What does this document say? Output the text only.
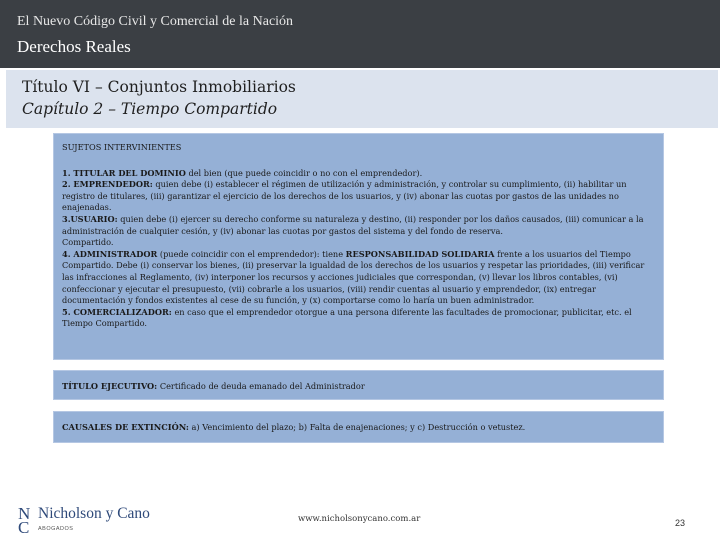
El Nuevo Código Civil y Comercial de la Nación
Derechos Reales
Título VI – Conjuntos Inmobiliarios
Capítulo 2 – Tiempo Compartido
SUJETOS INTERVINIENTES
1. TITULAR DEL DOMINIO del bien (que puede coincidir o no con el emprendedor).
2. EMPRENDEDOR: quien debe (i) establecer el régimen de utilización y administración, y controlar su cumplimiento, (ii) habilitar un registro de titulares, (iii) garantizar el ejercicio de los derechos de los usuarios, y (iv) abonar las cuotas por gastos de las unidades no enajenadas.
3.USUARIO: quien debe (i) ejercer su derecho conforme su naturaleza y destino, (ii) responder por los daños causados, (iii) comunicar a la administración de cualquier cesión, y (iv) abonar las cuotas por gastos del sistema y del fondo de reserva.
Compartido.
4. ADMINISTRADOR (puede coincidir con el emprendedor): tiene RESPONSABILIDAD SOLIDARIA frente a los usuarios del Tiempo Compartido. Debe (i) conservar los bienes, (ii) preservar la igualdad de los derechos de los usuarios y respetar las prioridades, (iii) verificar las infracciones al Reglamento, (iv) interponer los recursos y acciones judiciales que correspondan, (v) llevar los libros contables, (vi) confeccionar y ejecutar el presupuesto, (vii) cobrarle a los usuarios, (viii) rendir cuentas al usuario y emprendedor, (ix) entregar documentación y fondos existentes al cese de su función, y (x) comportarse como lo haría un buen administrador.
5. COMERCIALIZADOR: en caso que el emprendedor otorgue a una persona diferente las facultades de promocionar, publicitar, etc. el Tiempo Compartido.
TÍTULO EJECUTIVO: Certificado de deuda emanado del Administrador
CAUSALES DE EXTINCIÓN: a) Vencimiento del plazo; b) Falta de enajenaciones; y c) Destrucción o vetustez.
N
C
Nicholson y Cano
ABOGADOS
www.nicholsonycano.com.ar	23
